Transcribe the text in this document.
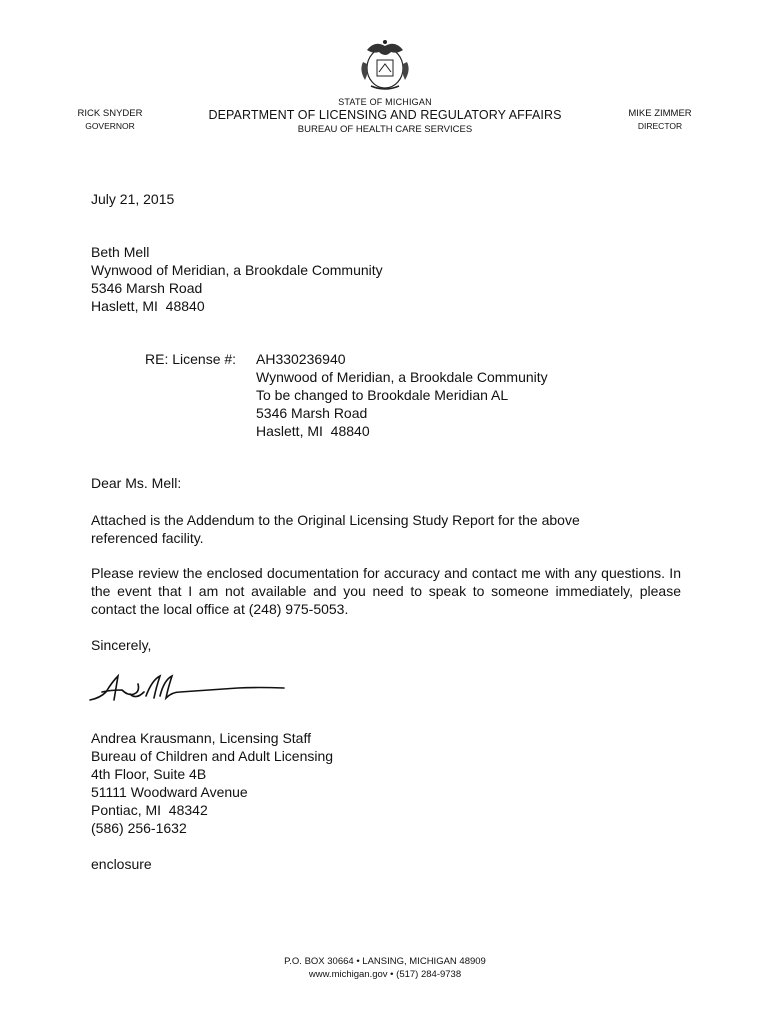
STATE OF MICHIGAN
DEPARTMENT OF LICENSING AND REGULATORY AFFAIRS
BUREAU OF HEALTH CARE SERVICES
RICK SNYDER
GOVERNOR
MIKE ZIMMER
DIRECTOR
July 21, 2015
Beth Mell
Wynwood of Meridian, a Brookdale Community
5346 Marsh Road
Haslett, MI  48840
RE: License #: AH330236940
Wynwood of Meridian, a Brookdale Community
To be changed to Brookdale Meridian AL
5346 Marsh Road
Haslett, MI  48840
Dear Ms. Mell:
Attached is the Addendum to the Original Licensing Study Report for the above referenced facility.
Please review the enclosed documentation for accuracy and contact me with any questions. In the event that I am not available and you need to speak to someone immediately, please contact the local office at (248) 975-5053.
Sincerely,
Andrea Krausmann, Licensing Staff
Bureau of Children and Adult Licensing
4th Floor, Suite 4B
51111 Woodward Avenue
Pontiac, MI  48342
(586) 256-1632
enclosure
P.O. BOX 30664 • LANSING, MICHIGAN 48909
www.michigan.gov • (517) 284-9738
